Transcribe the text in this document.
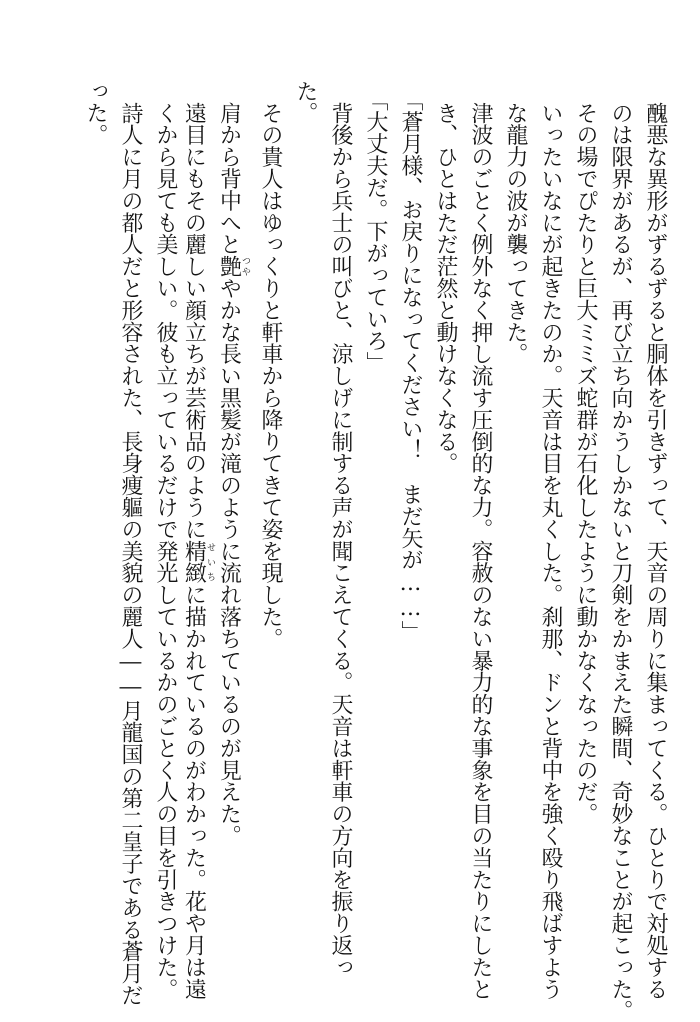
醜悪な異形がずるずると胴体を引きずって、天音の周りに集まってくる。ひとりで対処する

のは限界があるが、再び立ち向かうしかないと刀剣をかまえた瞬間、奇妙なことが起こった。

その場でぴたりと巨大ミミズ蛇群が石化したように動かなくなったのだ。

いったいなにが起きたのか。天音は目を丸くした。刹那、ドンと背中を強く殴り飛ばすよう

な龍力の波が襲ってきた。

津波のごとく例外なく押し流す圧倒的な力。容赦のない暴力的な事象を目の当たりにしたと

き、ひとはただ茫然と動けなくなる。

「蒼月様、お戻りになってください！　まだ矢が……」

「大丈夫だ。下がっていろ」

背後から兵士の叫びと、涼しげに制する声が聞こえてくる。天音は軒車の方向を振り返っ

た。

その貴人はゆっくりと軒車から降りてきて姿を現した。

肩から背中へと艶つややかな長い黒髪が滝のように流れ落ちているのが見えた。

遠目にもその麗しい顔立ちが芸術品のように精緻せいちに描かれているのがわかった。花や月は遠

くから見ても美しい。彼も立っているだけで発光しているかのごとく人の目を引きつけた。

詩人に月の都人だと形容された、長身痩軀の美貌の麗人――月龍国の第二皇子である蒼月だ

った。
